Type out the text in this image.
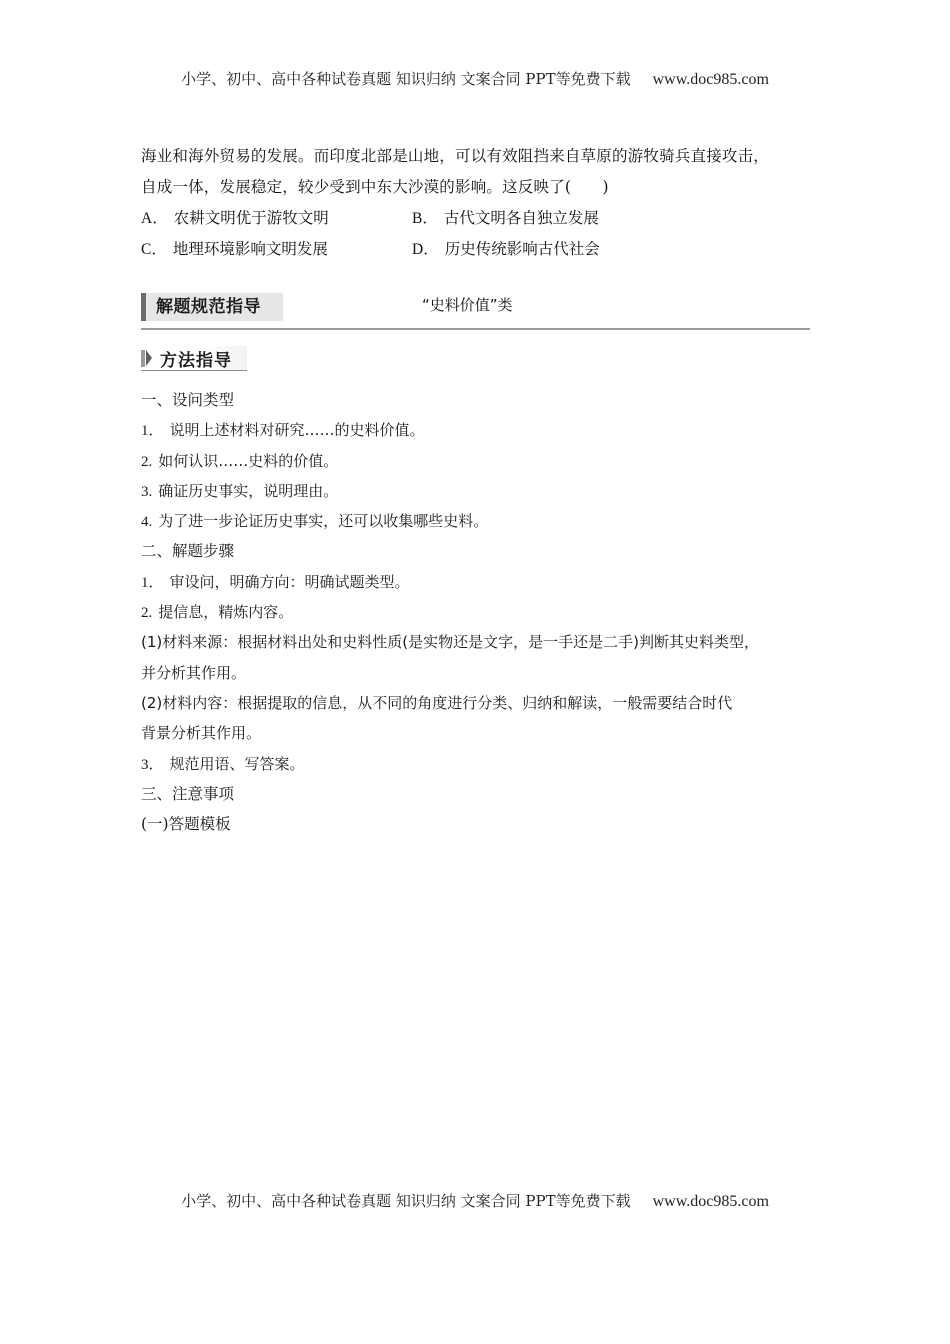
小学、初中、高中各种试卷真题 知识归纳 文案合同 PPT等免费下载 www.doc985.com
海业和海外贸易的发展。而印度北部是山地，可以有效阻挡来自草原的游牧骑兵直接攻击，
自成一体，发展稳定，较少受到中东大沙漠的影响。这反映了(　　)
A． 农耕文明优于游牧文明	B． 古代文明各自独立发展
C． 地理环境影响文明发展	D． 历史传统影响古代社会
解题规范指导	“史料价值”类
方法指导
一、设问类型
1． 说明上述材料对研究……的史料价值。
2. 如何认识……史料的价值。
3. 确证历史事实，说明理由。
4. 为了进一步论证历史事实，还可以收集哪些史料。
二、解题步骤
1． 审设问，明确方向：明确试题类型。
2. 提信息，精炼内容。
(1)材料来源：根据材料出处和史料性质(是实物还是文字，是一手还是二手)判断其史料类型，
并分析其作用。
(2)材料内容：根据提取的信息，从不同的角度进行分类、归纳和解读，一般需要结合时代
背景分析其作用。
3． 规范用语、写答案。
三、注意事项
(一)答题模板
小学、初中、高中各种试卷真题 知识归纳 文案合同 PPT等免费下载 www.doc985.com
